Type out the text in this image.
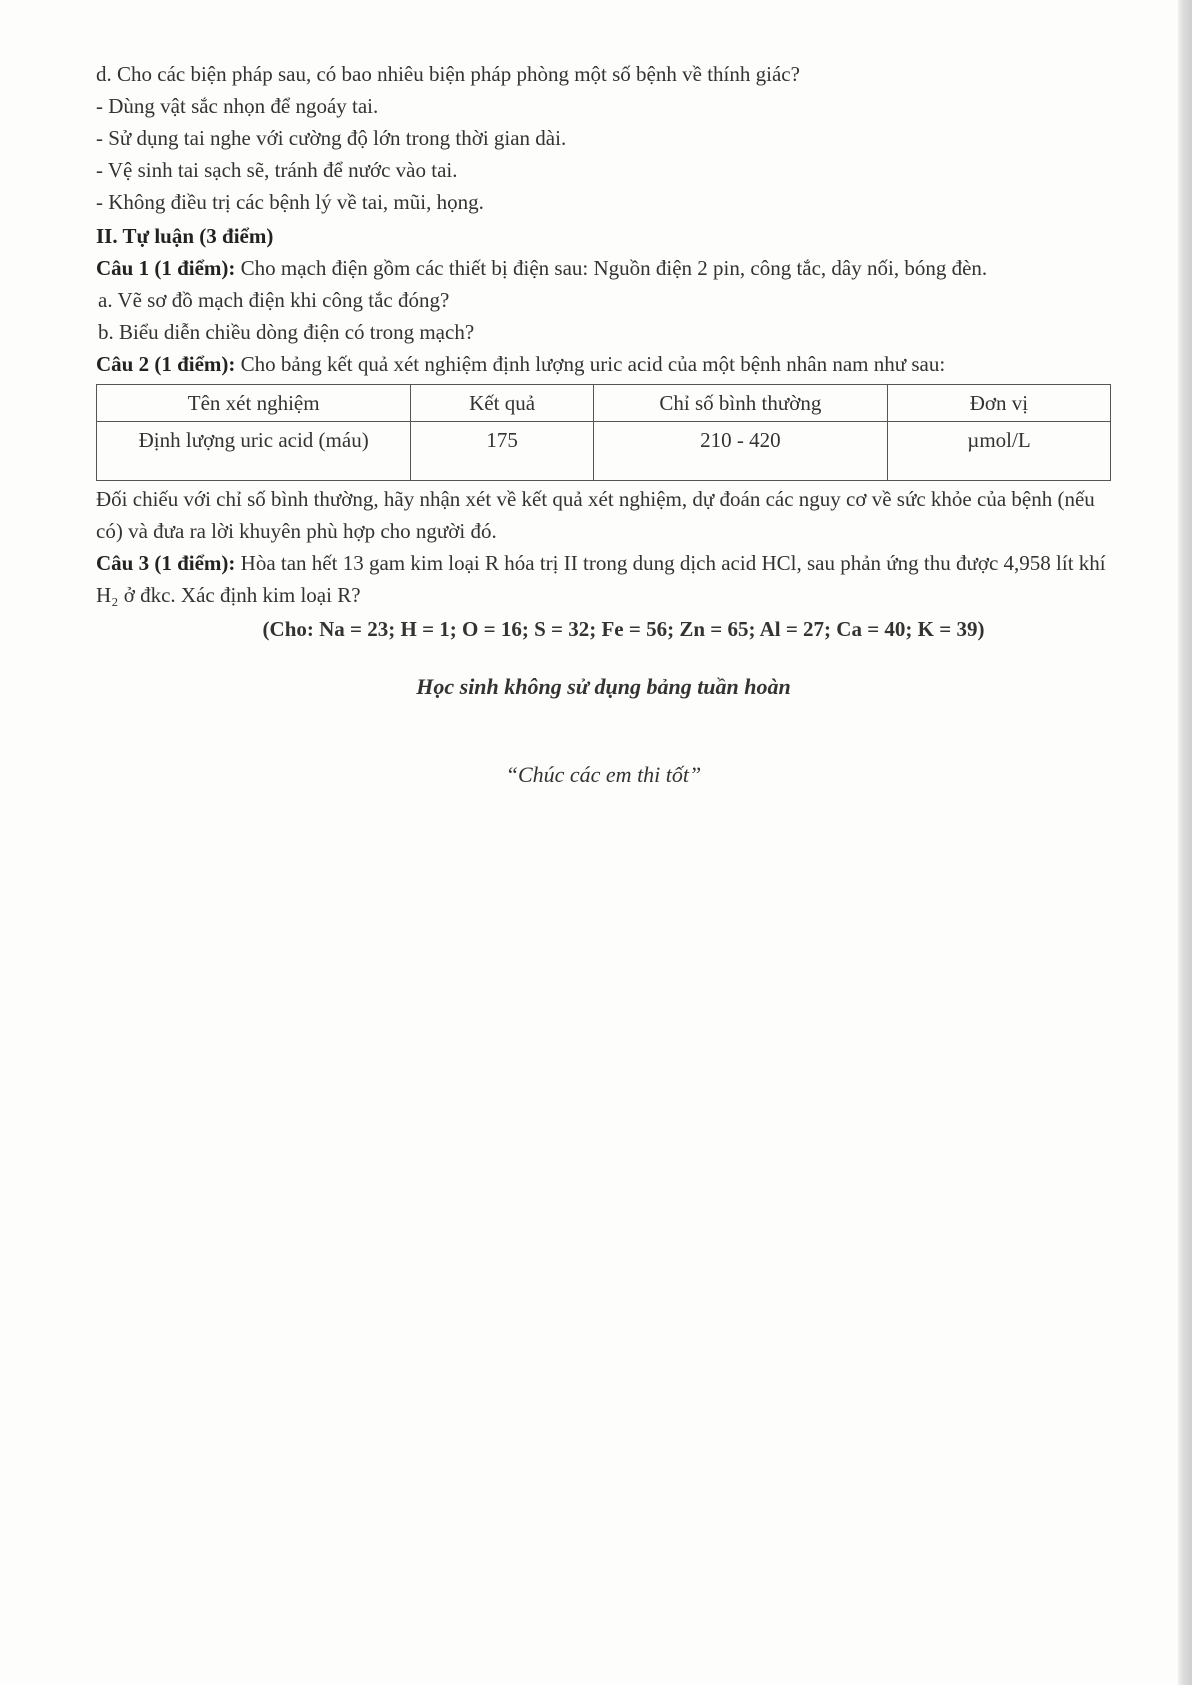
d. Cho các biện pháp sau, có bao nhiêu biện pháp phòng một số bệnh về thính giác?

- Dùng vật sắc nhọn để ngoáy tai.

- Sử dụng tai nghe với cường độ lớn trong thời gian dài.

- Vệ sinh tai sạch sẽ, tránh để nước vào tai.

- Không điều trị các bệnh lý về tai, mũi, họng.

II. Tự luận (3 điểm)

Câu 1 (1 điểm): Cho mạch điện gồm các thiết bị điện sau: Nguồn điện 2 pin, công tắc, dây nối, bóng đèn.

a. Vẽ sơ đồ mạch điện khi công tắc đóng?

b. Biểu diễn chiều dòng điện có trong mạch?

Câu 2 (1 điểm): Cho bảng kết quả xét nghiệm định lượng uric acid của một bệnh nhân nam như sau:

Tên xét nghiệm	Kết quả	Chỉ số bình thường	Đơn vị
Định lượng uric acid (máu)	175	210 - 420	µmol/L

Đối chiếu với chỉ số bình thường, hãy nhận xét về kết quả xét nghiệm, dự đoán các nguy cơ về sức khỏe của bệnh (nếu có) và đưa ra lời khuyên phù hợp cho người đó.

Câu 3 (1 điểm): Hòa tan hết 13 gam kim loại R hóa trị II trong dung dịch acid HCl, sau phản ứng thu được 4,958 lít khí H₂ ở đkc. Xác định kim loại R?

(Cho: Na = 23; H = 1; O = 16; S = 32; Fe = 56; Zn = 65; Al = 27; Ca = 40; K = 39)

Học sinh không sử dụng bảng tuần hoàn

“Chúc các em thi tốt”
